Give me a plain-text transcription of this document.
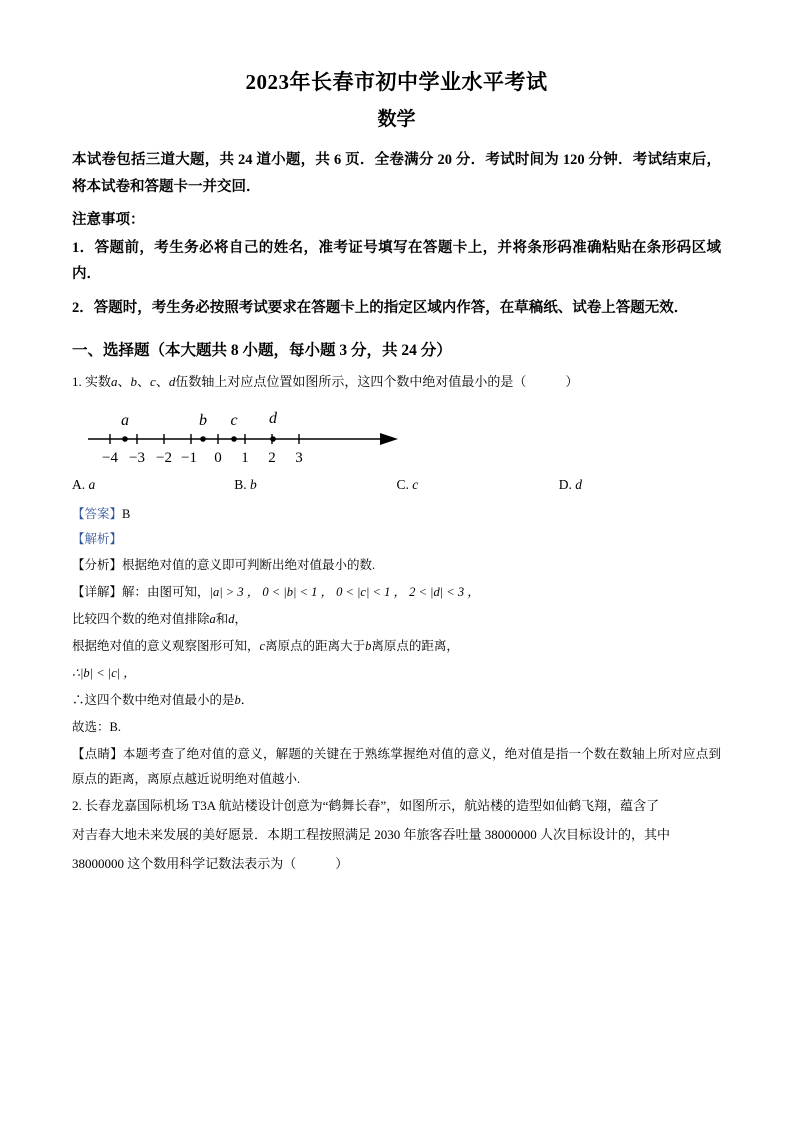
2023年长春市初中学业水平考试
数学

本试卷包括三道大题，共 24 道小题，共 6 页．全卷满分 20 分．考试时间为 120 分钟．考试结束后，将本试卷和答题卡一并交回．

注意事项：

1．答题前，考生务必将自己的姓名，准考证号填写在答题卡上，并将条形码准确粘贴在条形码区域内．

2．答题时，考生务必按照考试要求在答题卡上的指定区域内作答，在草稿纸、试卷上答题无效．

一、选择题（本大题共 8 小题，每小题 3 分，共 24 分）

1. 实数a、b、c、d伍数轴上对应点位置如图所示，这四个数中绝对值最小的是（　　　）

−4 −3 −2 −1 0 1 2 3
a	b c d
A. a	B. b	C. c	D. d
【答案】B
【解析】

【分析】根据绝对值的意义即可判断出绝对值最小的数.

【详解】解：由图可知，|a| > 3 ， 0 < |b| < 1 ， 0 < |c| < 1 ， 2 < |d| < 3 ，

比较四个数的绝对值排除a和d，

根据绝对值的意义观察图形可知，c离原点的距离大于b离原点的距离，

∴|b| < |c| ，

∴这四个数中绝对值最小的是b．

故选：B.

【点睛】本题考查了绝对值的意义，解题的关键在于熟练掌握绝对值的意义，绝对值是指一个数在数轴上所对应点到原点的距离，离原点越近说明绝对值越小.

2. 长春龙嘉国际机场 T3A 航站楼设计创意为“鹤舞长春”，如图所示，航站楼的造型如仙鹤飞翔，蕴含了

对吉春大地未来发展的美好愿景．本期工程按照满足 2030 年旅客吞吐量 38000000 人次目标设计的，其中

38000000 这个数用科学记数法表示为（　　　）
